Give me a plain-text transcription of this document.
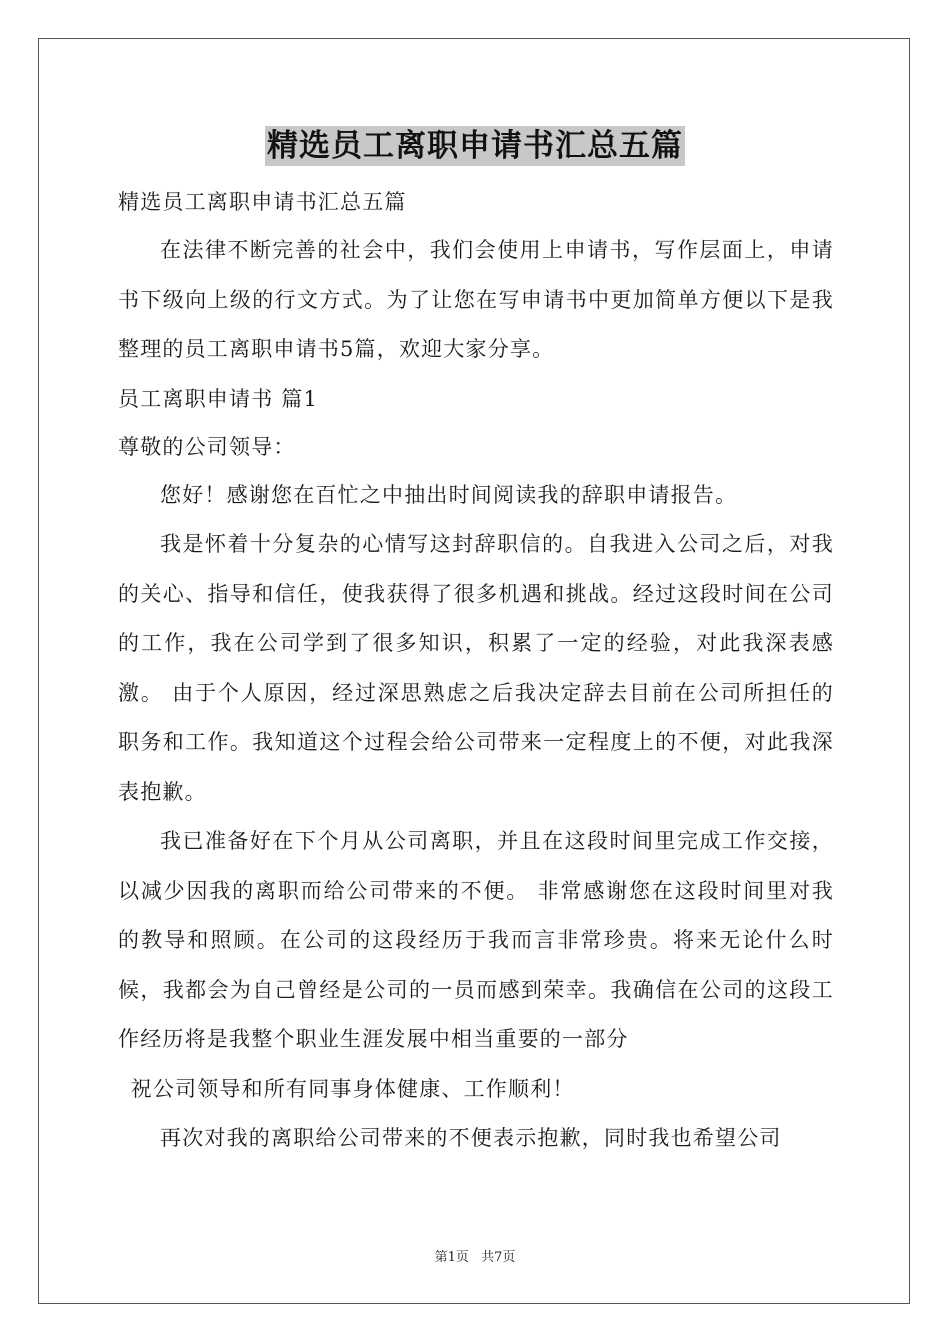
精选员工离职申请书汇总五篇

精选员工离职申请书汇总五篇

在法律不断完善的社会中，我们会使用上申请书，写作层面上，申请书下级向上级的行文方式。为了让您在写申请书中更加简单方便以下是我整理的员工离职申请书5篇，欢迎大家分享。

员工离职申请书 篇1

尊敬的公司领导：

您好！感谢您在百忙之中抽出时间阅读我的辞职申请报告。

我是怀着十分复杂的心情写这封辞职信的。自我进入公司之后，对我的关心、指导和信任，使我获得了很多机遇和挑战。经过这段时间在公司的工作，我在公司学到了很多知识，积累了一定的经验，对此我深表感激。 由于个人原因，经过深思熟虑之后我决定辞去目前在公司所担任的职务和工作。我知道这个过程会给公司带来一定程度上的不便，对此我深表抱歉。

我已准备好在下个月从公司离职，并且在这段时间里完成工作交接，以减少因我的离职而给公司带来的不便。 非常感谢您在这段时间里对我的教导和照顾。在公司的这段经历于我而言非常珍贵。将来无论什么时候，我都会为自己曾经是公司的一员而感到荣幸。我确信在公司的这段工作经历将是我整个职业生涯发展中相当重要的一部分

祝公司领导和所有同事身体健康、工作顺利！

再次对我的离职给公司带来的不便表示抱歉，同时我也希望公司

第1页 共7页
